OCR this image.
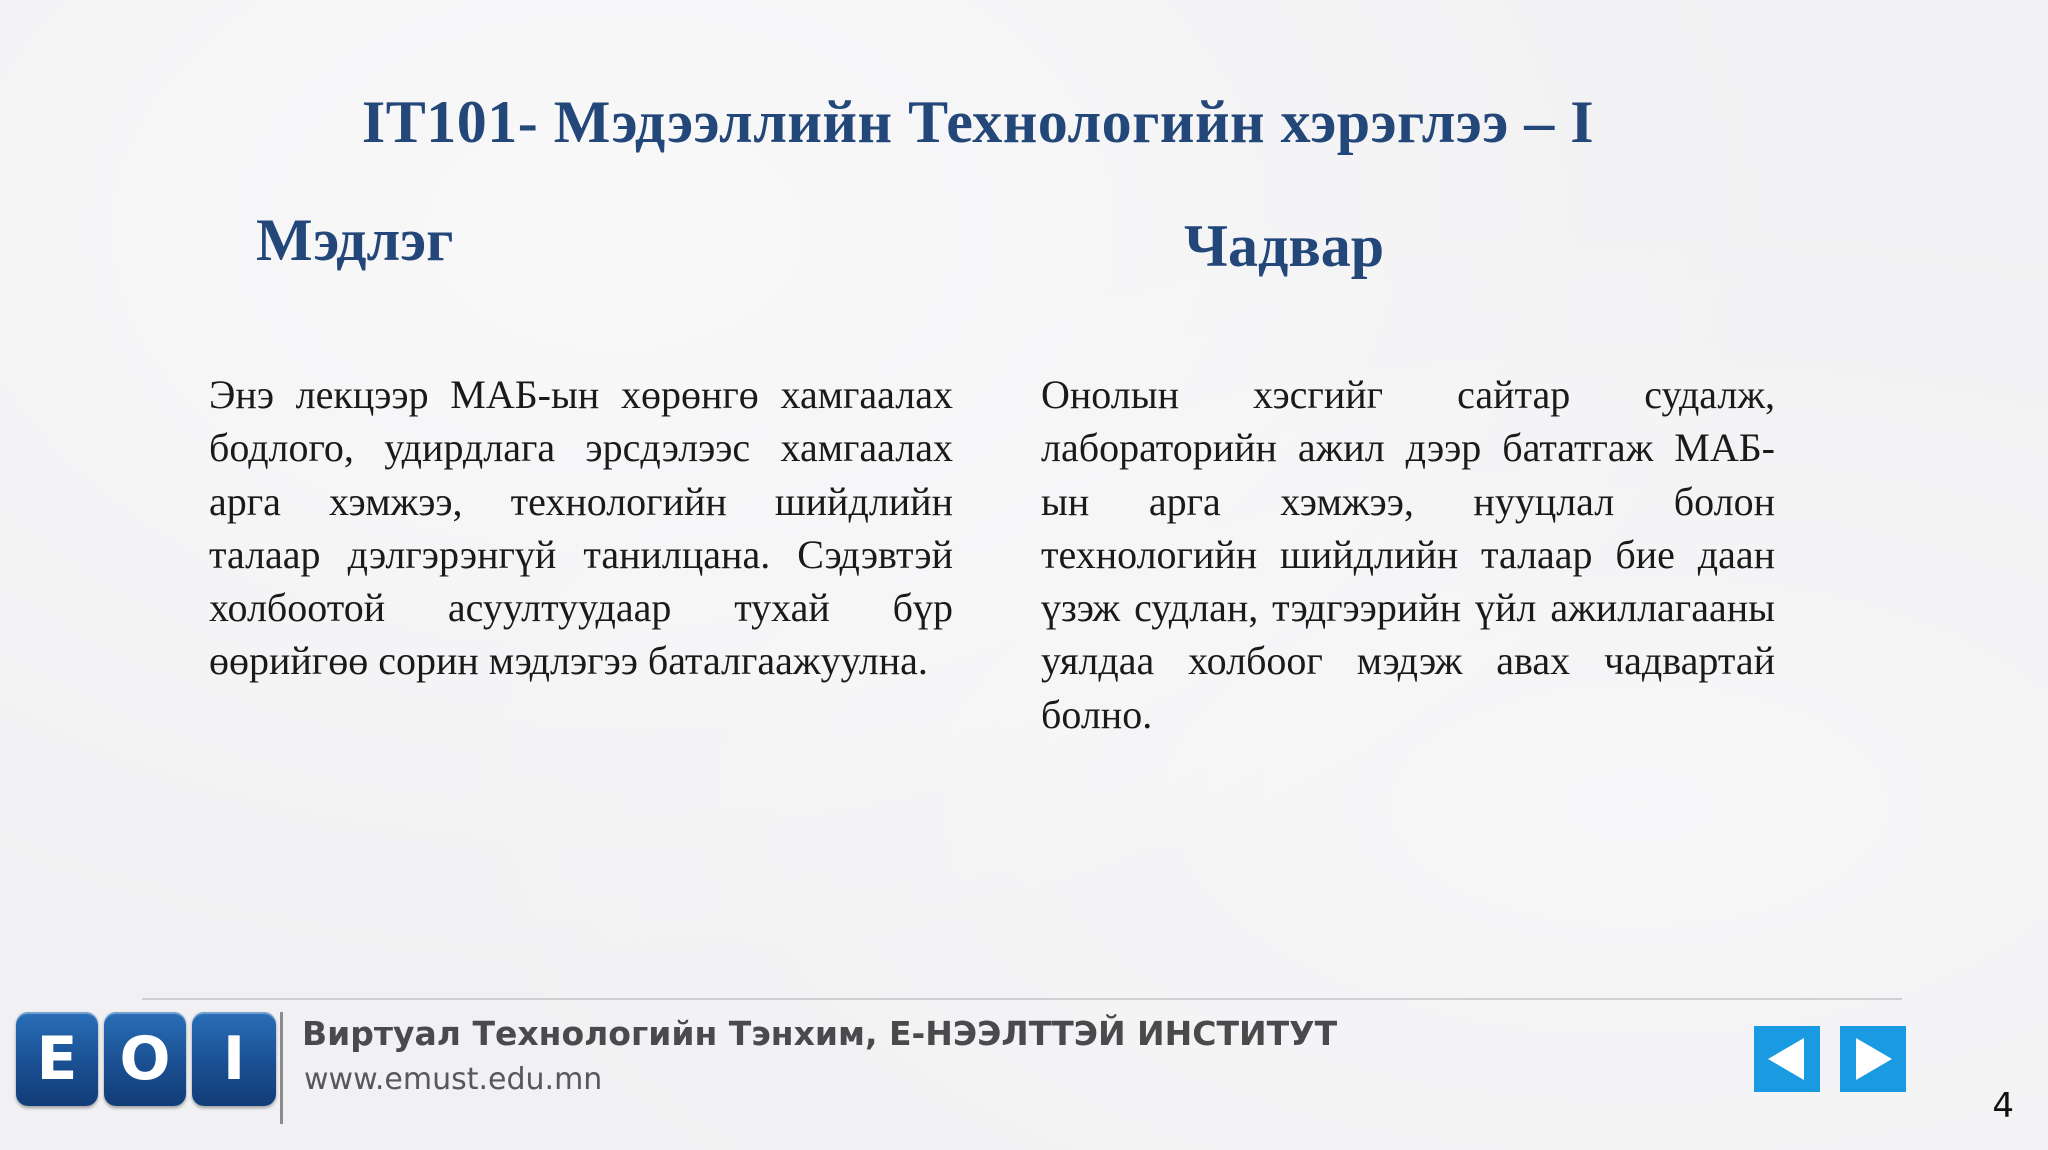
IT101- Мэдээллийн Технологийн хэрэглээ – I
Мэдлэг	Чадвар
Энэ лекцээр МАБ-ын хөрөнгө хамгаалах бодлого, удирдлага эрсдэлээс хамгаалах арга хэмжээ, технологийн шийдлийн талаар дэлгэрэнгүй танилцана. Сэдэвтэй холбоотой асуултуудаар тухай бүр өөрийгөө сорин мэдлэгээ баталгаажуулна.
Онолын хэсгийг сайтар судалж, лабораторийн ажил дээр бататгаж МАБ-ын арга хэмжээ, нууцлал болон технологийн шийдлийн талаар бие даан үзэж судлан, тэдгээрийн үйл ажиллагааны уялдаа холбоог мэдэж авах чадвартай болно.
E O I	Виртуал Технологийн Тэнхим, Е-НЭЭЛТТЭЙ ИНСТИТУТ
www.emust.edu.mn
4
